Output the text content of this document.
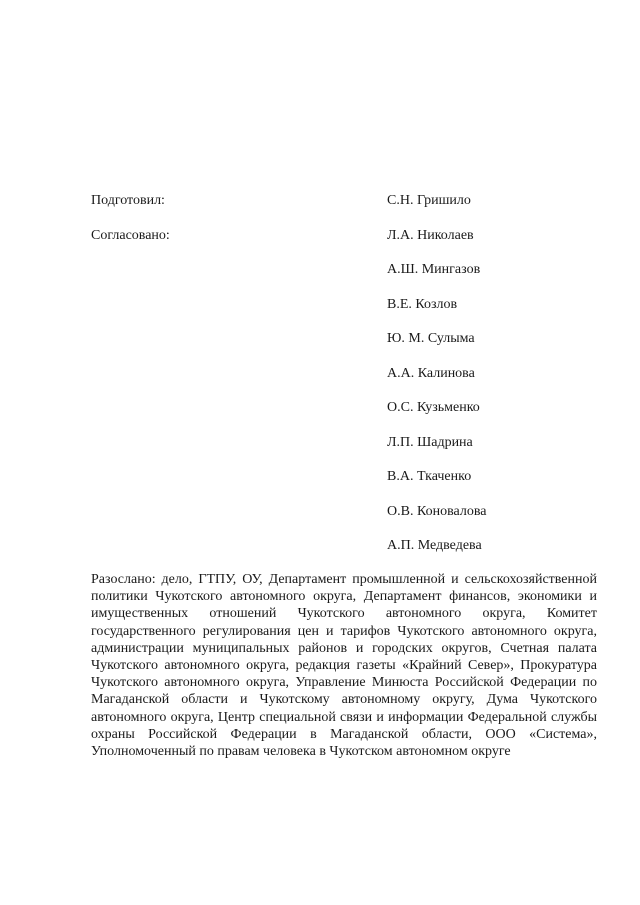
Подготовил:	С.Н. Гришило
Согласовано:	Л.А. Николаев
А.Ш. Мингазов
В.Е. Козлов
Ю. М. Сулыма
А.А. Калинова
О.С. Кузьменко
Л.П. Шадрина
В.А. Ткаченко
О.В. Коновалова
А.П. Медведева

Разослано: дело, ГТПУ, ОУ, Департамент промышленной и сельскохозяйственной политики Чукотского автономного округа, Департамент финансов, экономики и имущественных отношений Чукотского автономного округа, Комитет государственного регулирования цен и тарифов Чукотского автономного округа, администрации муниципальных районов и городских округов, Счетная палата Чукотского автономного округа, редакция газеты «Крайний Север», Прокуратура Чукотского автономного округа, Управление Минюста Российской Федерации по Магаданской области и Чукотскому автономному округу, Дума Чукотского автономного округа, Центр специальной связи и информации Федеральной службы охраны Российской Федерации в Магаданской области, ООО «Система», Уполномоченный по правам человека в Чукотском автономном округе
